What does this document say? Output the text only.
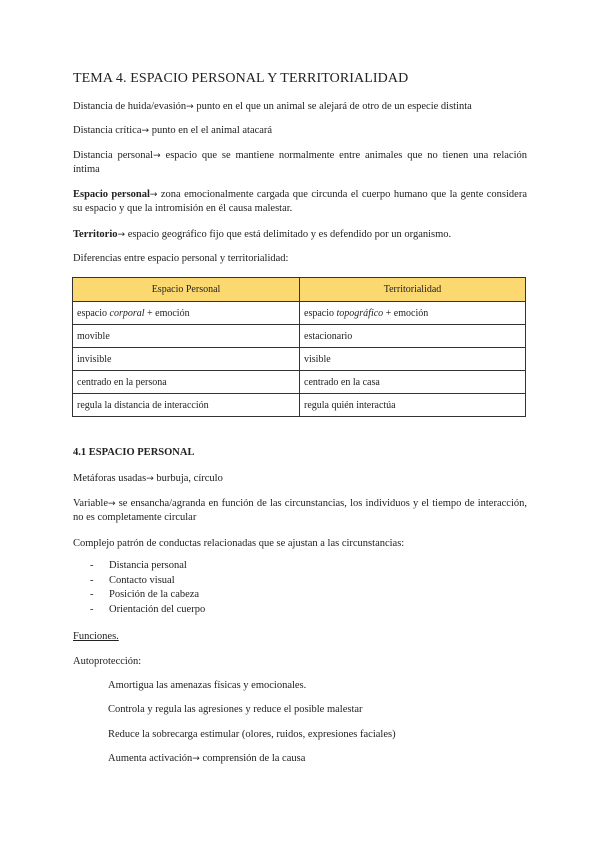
TEMA 4. ESPACIO PERSONAL Y TERRITORIALIDAD
Distancia de huida/evasión→ punto en el que un animal se alejará de otro de un especie distinta
Distancia crítica→ punto en el el animal atacará
Distancia personal→ espacio que se mantiene normalmente entre animales que no tienen una relación íntima
Espacio personal→ zona emocionalmente cargada que circunda el cuerpo humano que la gente considera su espacio y que la intromisión en él causa malestar.
Territorio→ espacio geográfico fijo que está delimitado y es defendido por un organismo.
Diferencias entre espacio personal y territorialidad:
Espacio Personal	Territorialidad
espacio corporal + emoción	espacio topográfico + emoción
movible	estacionario
invisible	visible
centrado en la persona	centrado en la casa
regula la distancia de interacción	regula quién interactúa
4.1 ESPACIO PERSONAL
Metáforas usadas→ burbuja, círculo
Variable→ se ensancha/agranda en función de las circunstancias, los individuos y el tiempo de interacción, no es completamente circular
Complejo patrón de conductas relacionadas que se ajustan a las circunstancias:
- Distancia personal
- Contacto visual
- Posición de la cabeza
- Orientación del cuerpo
Funciones.
Autoprotección:
Amortigua las amenazas físicas y emocionales.
Controla y regula las agresiones y reduce el posible malestar
Reduce la sobrecarga estimular (olores, ruidos, expresiones faciales)
Aumenta activación→ comprensión de la causa
